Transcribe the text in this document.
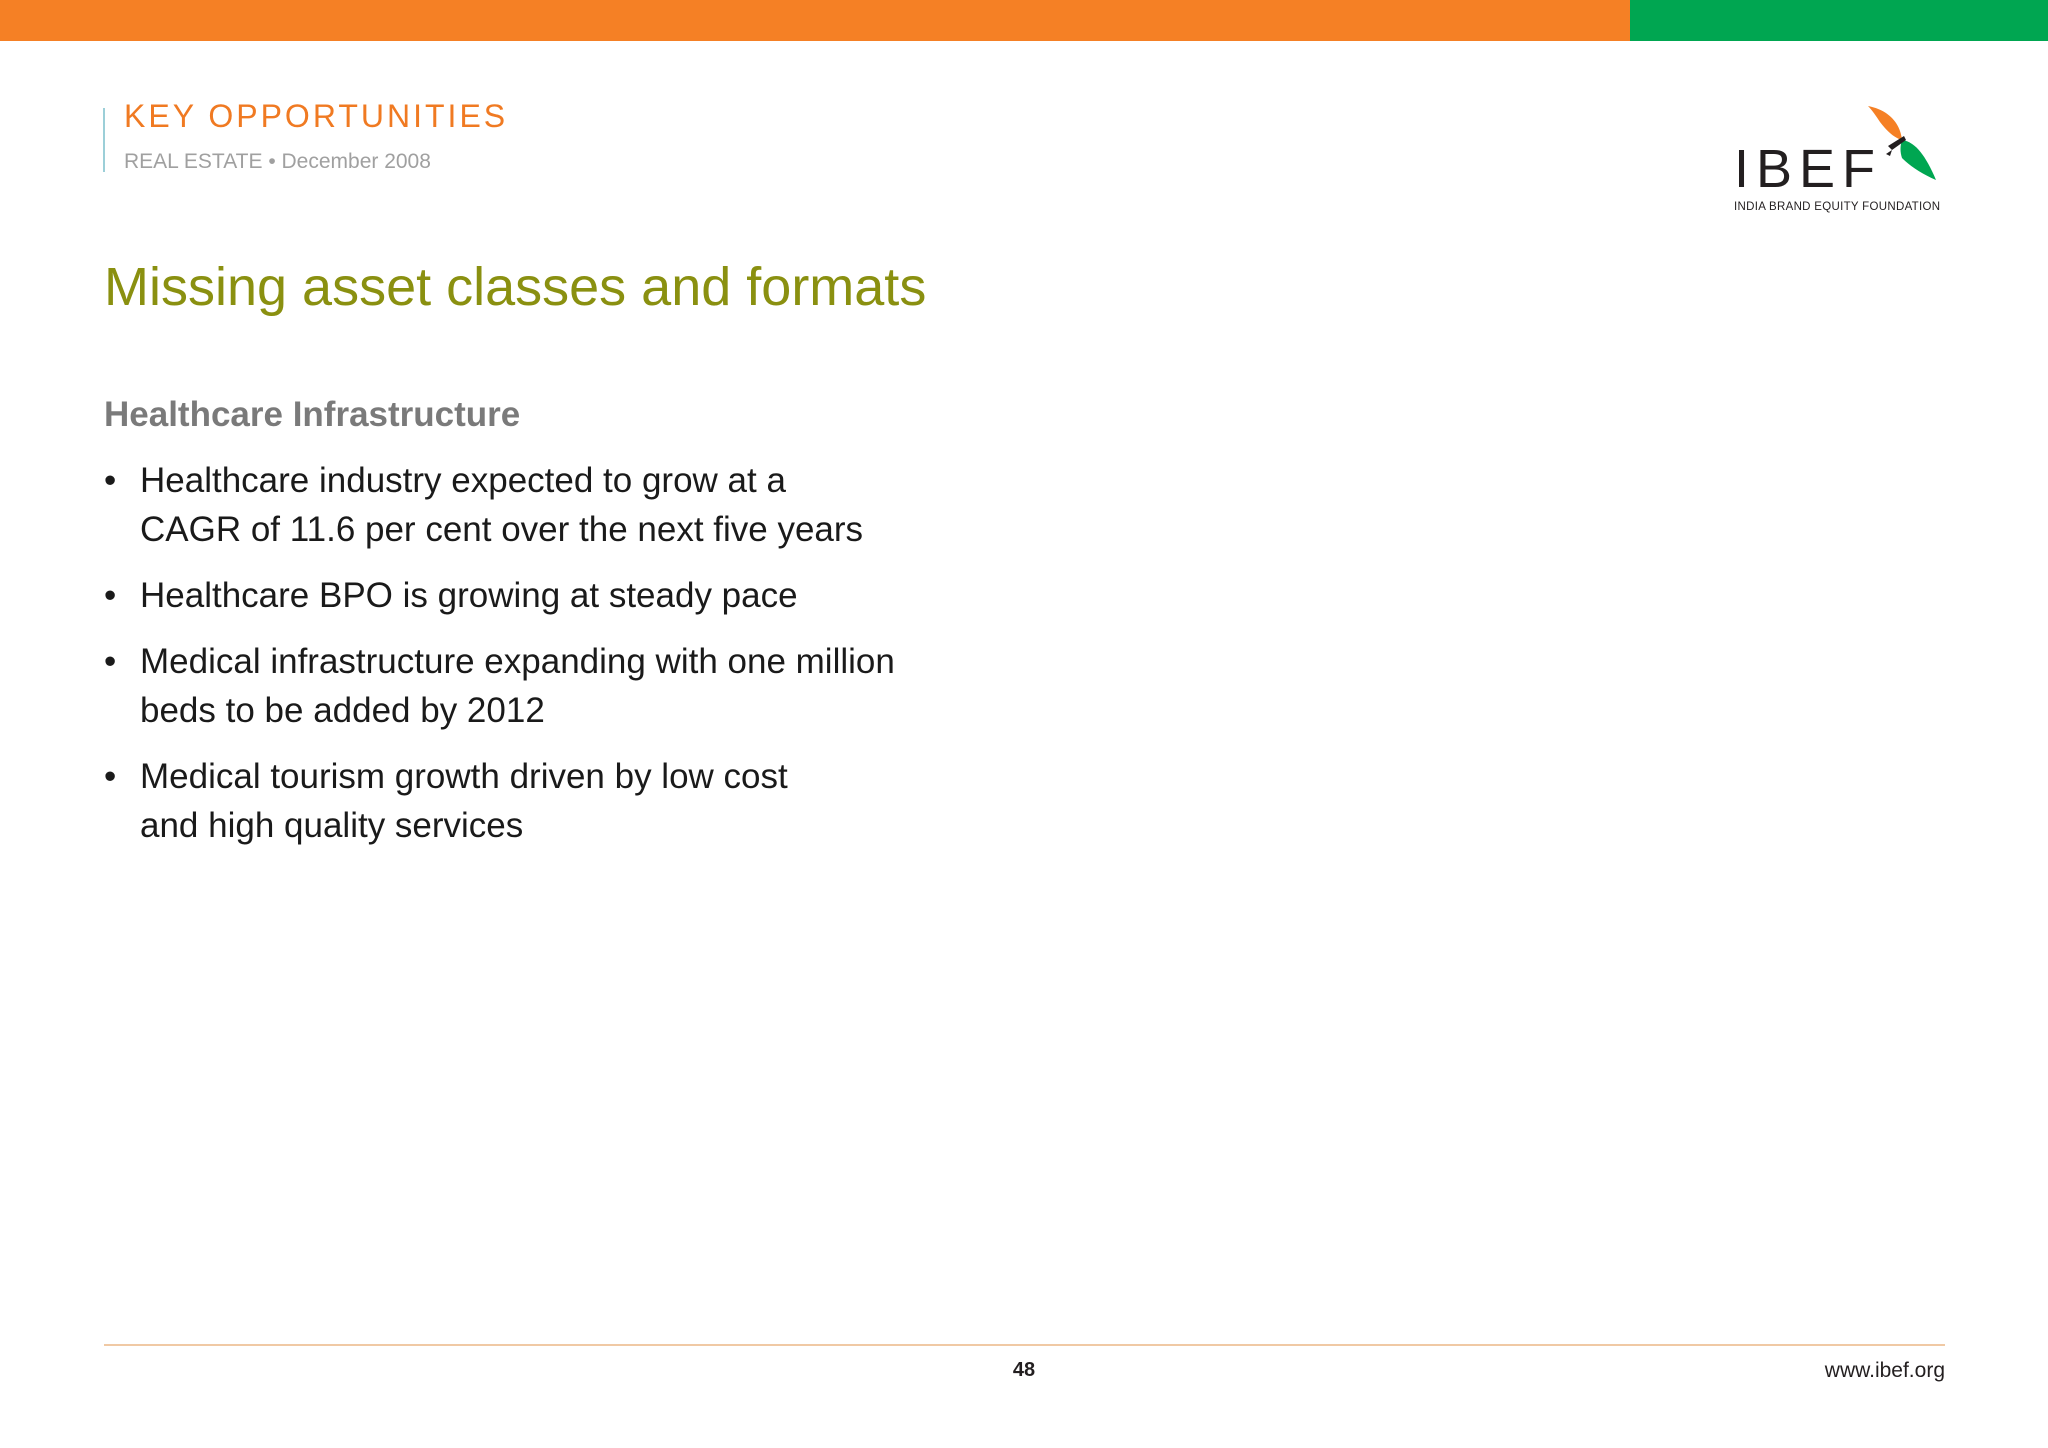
KEY OPPORTUNITIES
REAL ESTATE • December 2008	IBEF
INDIA BRAND EQUITY FOUNDATION
Missing asset classes and formats
Healthcare Infrastructure
• Healthcare industry expected to grow at a
CAGR of 11.6 per cent over the next five years
• Healthcare BPO is growing at steady pace
• Medical infrastructure expanding with one million
beds to be added by 2012
• Medical tourism growth driven by low cost
and high quality services
48	www.ibef.org
